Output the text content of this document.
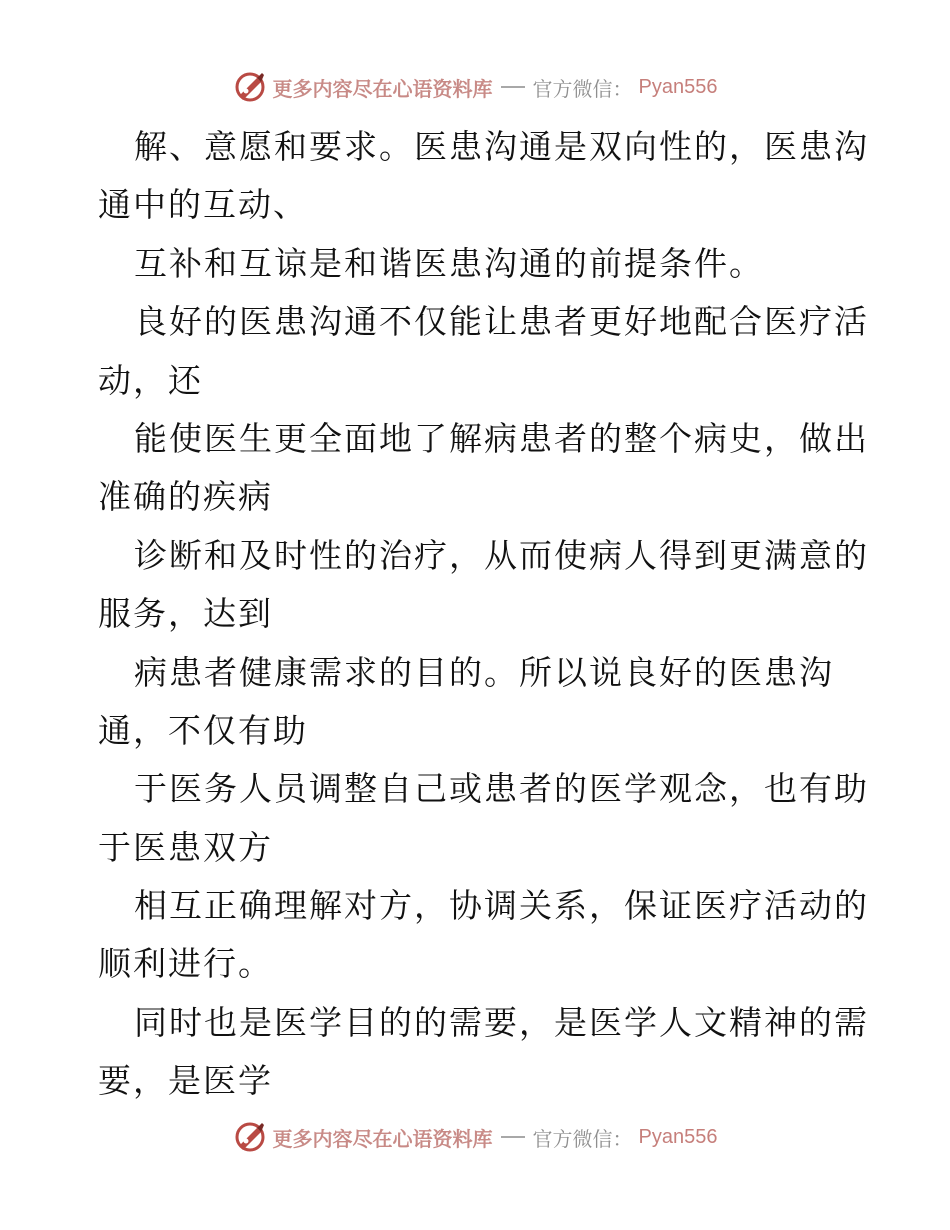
更多内容尽在心语资料库 官方微信： Pyan556
解、意愿和要求。医患沟通是双向性的，医患沟
通中的互动、
互补和互谅是和谐医患沟通的前提条件。
良好的医患沟通不仅能让患者更好地配合医疗活
动，还
能使医生更全面地了解病患者的整个病史，做出
准确的疾病
诊断和及时性的治疗，从而使病人得到更满意的
服务，达到
病患者健康需求的目的。所以说良好的医患沟
通，不仅有助
于医务人员调整自己或患者的医学观念，也有助
于医患双方
相互正确理解对方，协调关系，保证医疗活动的
顺利进行。
同时也是医学目的的需要，是医学人文精神的需
要，是医学
更多内容尽在心语资料库 官方微信： Pyan556
